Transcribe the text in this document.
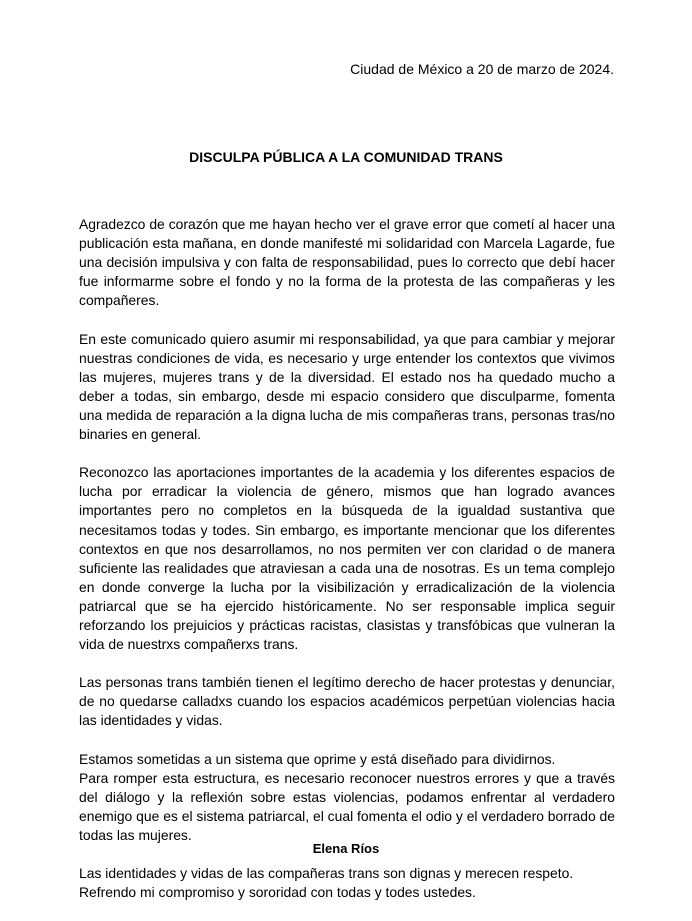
Ciudad de México a 20 de marzo de 2024.
DISCULPA PÚBLICA A LA COMUNIDAD TRANS

Agradezco de corazón que me hayan hecho ver el grave error que cometí al hacer una publicación esta mañana, en donde manifesté mi solidaridad con Marcela Lagarde, fue una decisión impulsiva y con falta de responsabilidad, pues lo correcto que debí hacer fue informarme sobre el fondo y no la forma de la protesta de las compañeras y les compañeres.

En este comunicado quiero asumir mi responsabilidad, ya que para cambiar y mejorar nuestras condiciones de vida, es necesario y urge entender los contextos que vivimos las mujeres, mujeres trans y de la diversidad. El estado nos ha quedado mucho a deber a todas, sin embargo, desde mi espacio considero que disculparme, fomenta una medida de reparación a la digna lucha de mis compañeras trans, personas tras/no binaries en general.

Reconozco las aportaciones importantes de la academia y los diferentes espacios de lucha por erradicar la violencia de género, mismos que han logrado avances importantes pero no completos en la búsqueda de la igualdad sustantiva que necesitamos todas y todes. Sin embargo, es importante mencionar que los diferentes contextos en que nos desarrollamos, no nos permiten ver con claridad o de manera suficiente las realidades que atraviesan a cada una de nosotras. Es un tema complejo en donde converge la lucha por la visibilización y erradicalización de la violencia patriarcal que se ha ejercido históricamente. No ser responsable implica seguir reforzando los prejuicios y prácticas racistas, clasistas y transfóbicas que vulneran la vida de nuestrxs compañerxs trans.

Las personas trans también tienen el legítimo derecho de hacer protestas y denunciar, de no quedarse calladxs cuando los espacios académicos perpetúan violencias hacia las identidades y vidas.

Estamos sometidas a un sistema que oprime y está diseñado para dividirnos.
Para romper esta estructura, es necesario reconocer nuestros errores y que a través del diálogo y la reflexión sobre estas violencias, podamos enfrentar al verdadero enemigo que es el sistema patriarcal, el cual fomenta el odio y el verdadero borrado de todas las mujeres.

Las identidades y vidas de las compañeras trans son dignas y merecen respeto.
Refrendo mi compromiso y sororidad con todas y todes ustedes.

Elena Ríos
